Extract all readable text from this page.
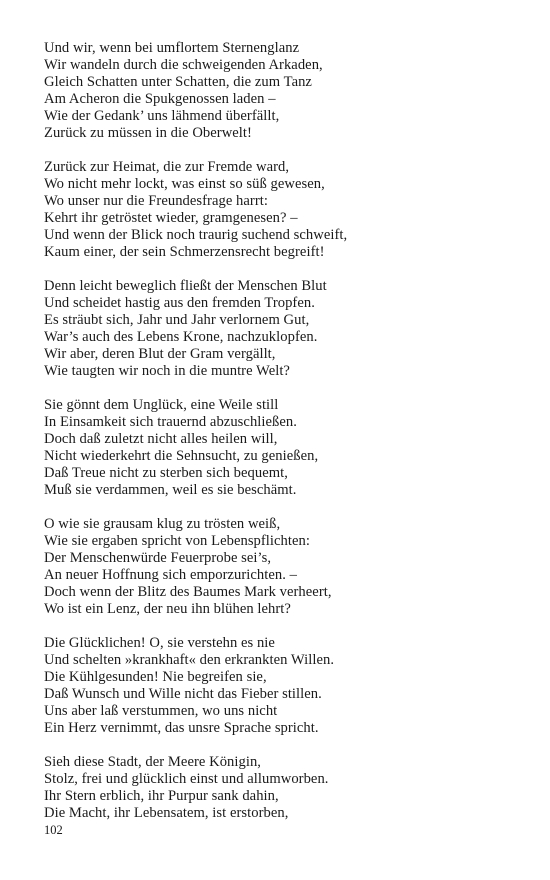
Und wir, wenn bei umflortem Sternenglanz
Wir wandeln durch die schweigenden Arkaden,
Gleich Schatten unter Schatten, die zum Tanz
Am Acheron die Spukgenossen laden –
Wie der Gedank’ uns lähmend überfällt,
Zurück zu müssen in die Oberwelt!
Zurück zur Heimat, die zur Fremde ward,
Wo nicht mehr lockt, was einst so süß gewesen,
Wo unser nur die Freundesfrage harrt:
Kehrt ihr getröstet wieder, gramgenesen? –
Und wenn der Blick noch traurig suchend schweift,
Kaum einer, der sein Schmerzensrecht begreift!
Denn leicht beweglich fließt der Menschen Blut
Und scheidet hastig aus den fremden Tropfen.
Es sträubt sich, Jahr und Jahr verlornem Gut,
War’s auch des Lebens Krone, nachzuklopfen.
Wir aber, deren Blut der Gram vergällt,
Wie taugten wir noch in die muntre Welt?
Sie gönnt dem Unglück, eine Weile still
In Einsamkeit sich trauernd abzuschließen.
Doch daß zuletzt nicht alles heilen will,
Nicht wiederkehrt die Sehnsucht, zu genießen,
Daß Treue nicht zu sterben sich bequemt,
Muß sie verdammen, weil es sie beschämt.
O wie sie grausam klug zu trösten weiß,
Wie sie ergaben spricht von Lebenspflichten:
Der Menschenwürde Feuerprobe sei’s,
An neuer Hoffnung sich emporzurichten. –
Doch wenn der Blitz des Baumes Mark verheert,
Wo ist ein Lenz, der neu ihn blühen lehrt?
Die Glücklichen! O, sie verstehn es nie
Und schelten »krankhaft« den erkrankten Willen.
Die Kühlgesunden! Nie begreifen sie,
Daß Wunsch und Wille nicht das Fieber stillen.
Uns aber laß verstummen, wo uns nicht
Ein Herz vernimmt, das unsre Sprache spricht.
Sieh diese Stadt, der Meere Königin,
Stolz, frei und glücklich einst und allumworben.
Ihr Stern erblich, ihr Purpur sank dahin,
Die Macht, ihr Lebensatem, ist erstorben,
102
